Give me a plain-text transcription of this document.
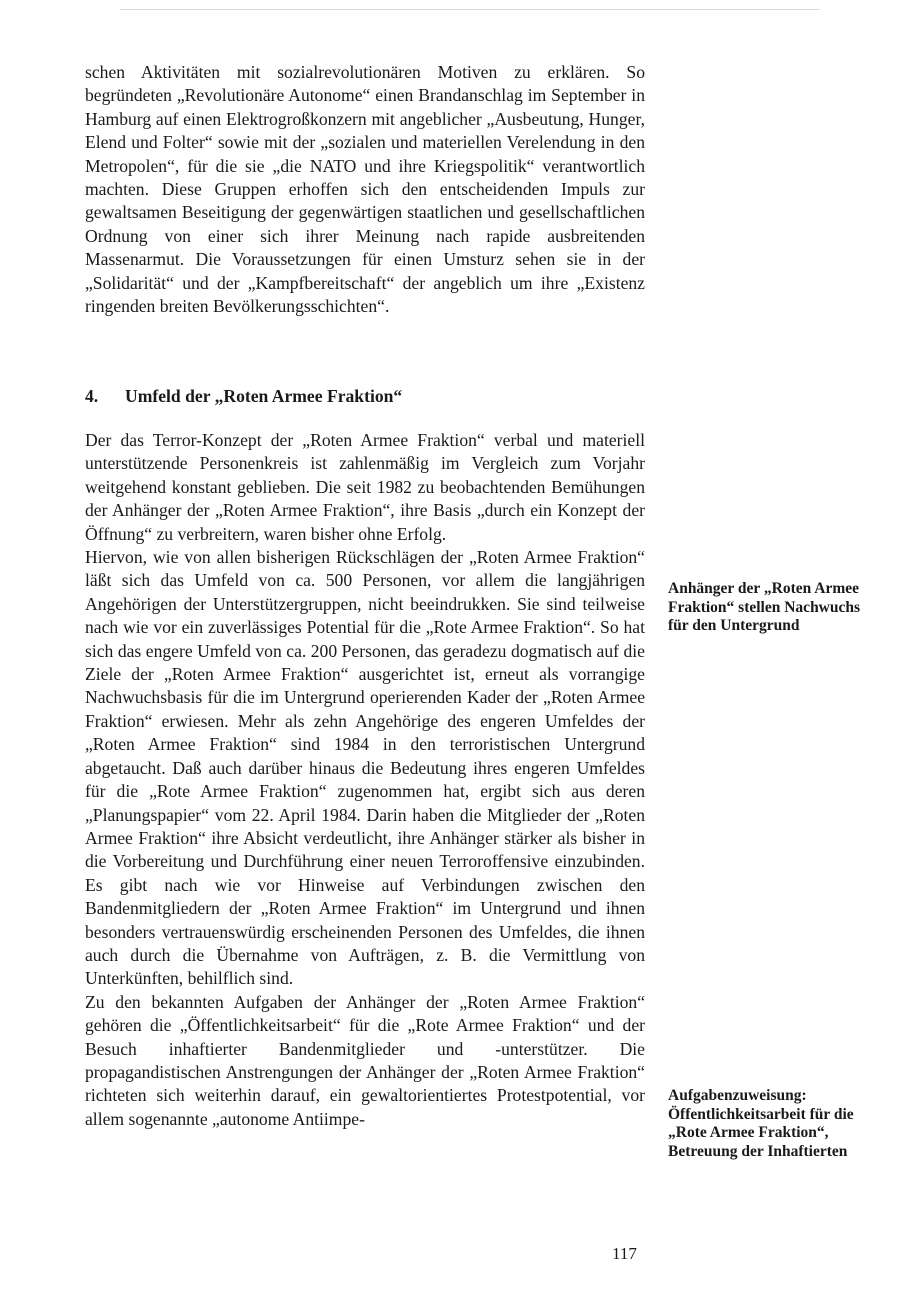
schen Aktivitäten mit sozialrevolutionären Motiven zu erklären. So begründeten „Revolutionäre Autonome“ einen Brandanschlag im September in Hamburg auf einen Elektrogroßkonzern mit angeblicher „Ausbeutung, Hunger, Elend und Folter“ sowie mit der „sozialen und materiellen Verelendung in den Metropolen“, für die sie „die NATO und ihre Kriegspolitik“ verantwortlich machten. Diese Gruppen erhoffen sich den entscheidenden Impuls zur gewaltsamen Beseitigung der gegenwärtigen staatlichen und gesellschaftlichen Ordnung von einer sich ihrer Meinung nach rapide ausbreitenden Massenarmut. Die Voraussetzungen für einen Umsturz sehen sie in der „Solidarität“ und der „Kampfbereitschaft“ der angeblich um ihre „Existenz ringenden breiten Bevölkerungsschichten“.

4. Umfeld der „Roten Armee Fraktion“

Der das Terror-Konzept der „Roten Armee Fraktion“ verbal und materiell unterstützende Personenkreis ist zahlenmäßig im Vergleich zum Vorjahr weitgehend konstant geblieben. Die seit 1982 zu beobachtenden Bemühungen der Anhänger der „Roten Armee Fraktion“, ihre Basis „durch ein Konzept der Öffnung“ zu verbreitern, waren bisher ohne Erfolg.

Hiervon, wie von allen bisherigen Rückschlägen der „Roten Armee Fraktion“ läßt sich das Umfeld von ca. 500 Personen, vor allem die langjährigen Angehörigen der Unterstützergruppen, nicht beeindrukken. Sie sind teilweise nach wie vor ein zuverlässiges Potential für die „Rote Armee Fraktion“. So hat sich das engere Umfeld von ca. 200 Personen, das geradezu dogmatisch auf die Ziele der „Roten Armee Fraktion“ ausgerichtet ist, erneut als vorrangige Nachwuchsbasis für die im Untergrund operierenden Kader der „Roten Armee Fraktion“ erwiesen. Mehr als zehn Angehörige des engeren Umfeldes der „Roten Armee Fraktion“ sind 1984 in den terroristischen Untergrund abgetaucht. Daß auch darüber hinaus die Bedeutung ihres engeren Umfeldes für die „Rote Armee Fraktion“ zugenommen hat, ergibt sich aus deren „Planungspapier“ vom 22. April 1984. Darin haben die Mitglieder der „Roten Armee Fraktion“ ihre Absicht verdeutlicht, ihre Anhänger stärker als bisher in die Vorbereitung und Durchführung einer neuen Terroroffensive einzubinden. Es gibt nach wie vor Hinweise auf Verbindungen zwischen den Bandenmitgliedern der „Roten Armee Fraktion“ im Untergrund und ihnen besonders vertrauenswürdig erscheinenden Personen des Umfeldes, die ihnen auch durch die Übernahme von Aufträgen, z. B. die Vermittlung von Unterkünften, behilflich sind.

Zu den bekannten Aufgaben der Anhänger der „Roten Armee Fraktion“ gehören die „Öffentlichkeitsarbeit“ für die „Rote Armee Fraktion“ und der Besuch inhaftierter Bandenmitglieder und -unterstützer. Die propagandistischen Anstrengungen der Anhänger der „Roten Armee Fraktion“ richteten sich weiterhin darauf, ein gewaltorientiertes Protestpotential, vor allem sogenannte „autonome Antiimpe-

Anhänger der „Roten Armee Fraktion“ stellen Nachwuchs für den Untergrund
Aufgabenzuweisung: Öffentlichkeitsarbeit für die „Rote Armee Fraktion“, Betreuung der Inhaftierten
117
